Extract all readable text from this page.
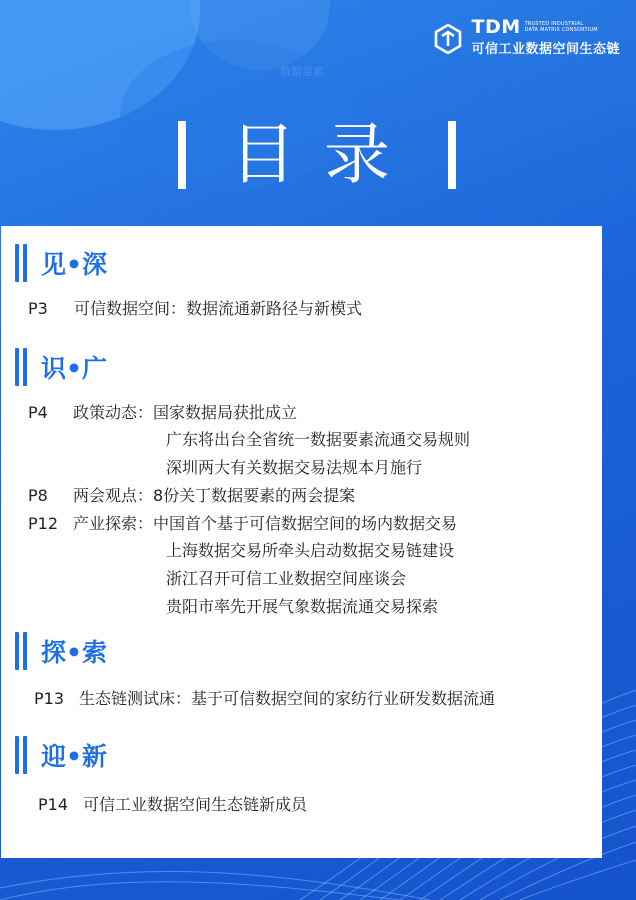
数据要素
TDM TRUSTED INDUSTRIAL
DATA MATRIX CONSORTIUM
可信工业数据空间生态链
目录
见•深
P3 可信数据空间：数据流通新路径与新模式
识•广
P4 政策动态：国家数据局获批成立
广东将出台全省统一数据要素流通交易规则
深圳两大有关数据交易法规本月施行
P8 两会观点：8份关丁数据要素的两会提案
P12 产业探索：中国首个基于可信数据空间的场内数据交易
上海数据交易所牵头启动数据交易链建设
浙江召开可信工业数据空间座谈会
贵阳市率先开展气象数据流通交易探索
探•索
P13 生态链测试床：基于可信数据空间的家纺行业研发数据流通
迎•新
P14 可信工业数据空间生态链新成员
